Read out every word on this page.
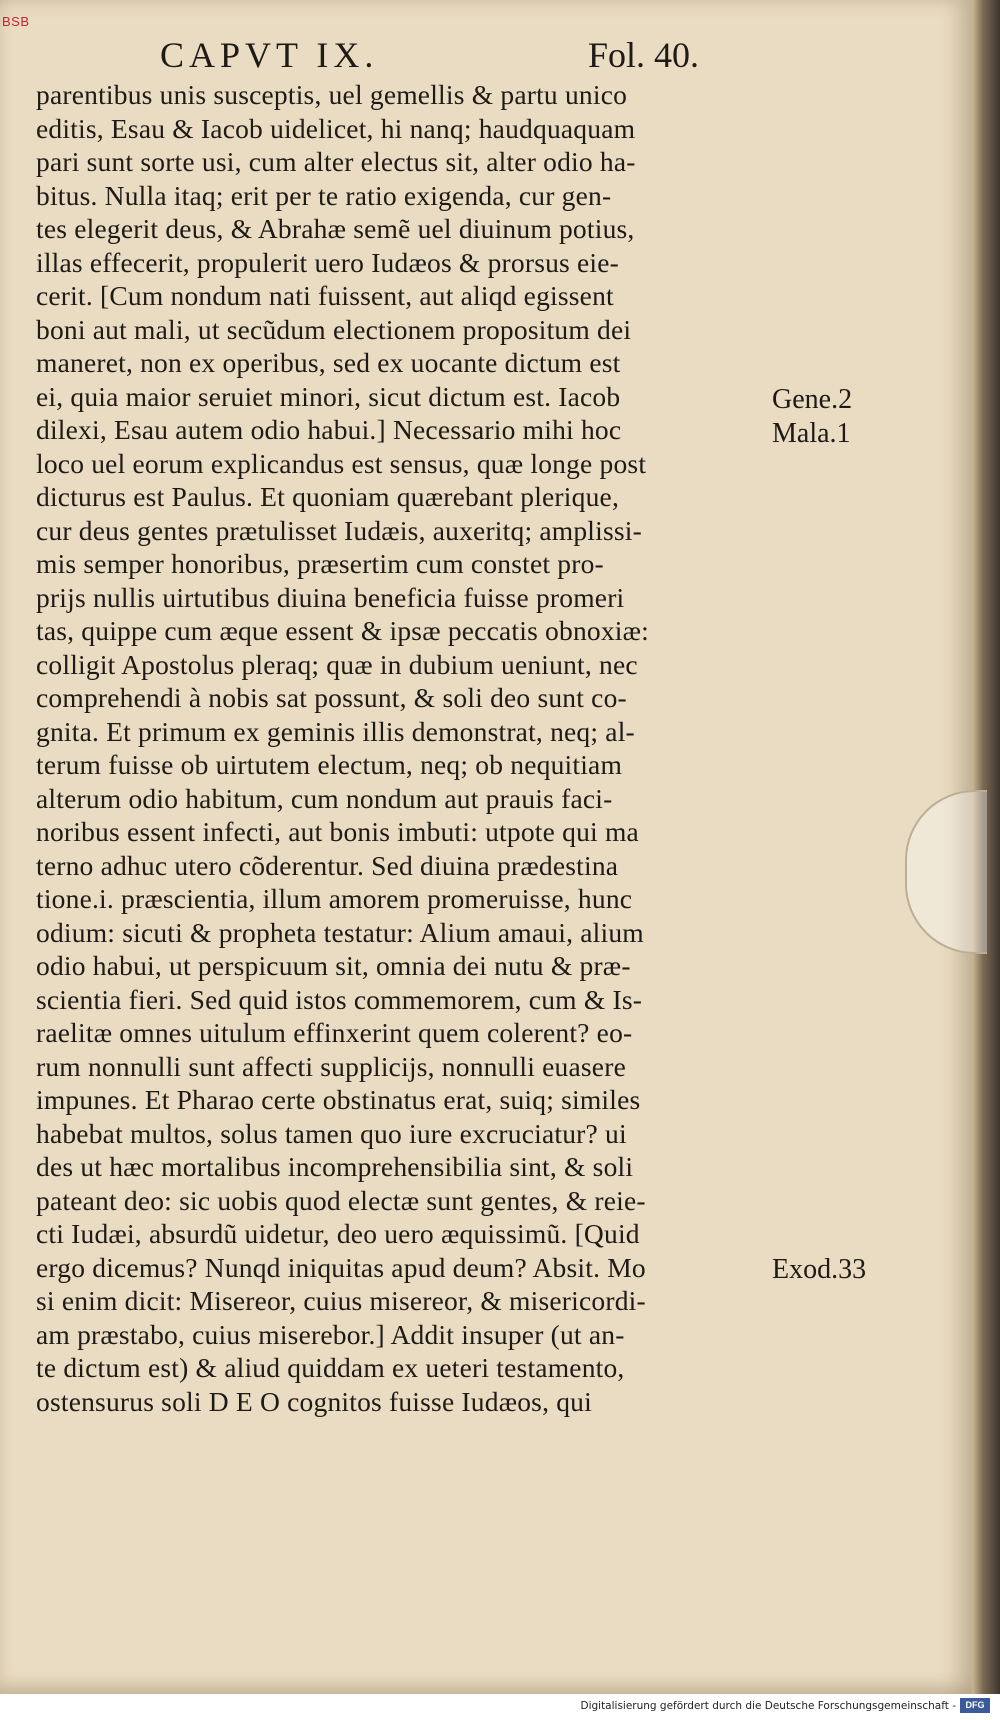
BSB
CAPVT IX.	Fol. 40.
parentibus unis susceptis, uel gemellis & partu unico
editis, Esau & Iacob uidelicet, hi nanq; haudquaquam
pari sunt sorte usi, cum alter electus sit, alter odio ha-
bitus. Nulla itaq; erit per te ratio exigenda, cur gen-
tes elegerit deus, & Abrahæ semẽ uel diuinum potius,
illas effecerit, propulerit uero Iudæos & prorsus eie-
cerit. [Cum nondum nati fuissent, aut aliqd egissent
boni aut mali, ut secũdum electionem propositum dei
maneret, non ex operibus, sed ex uocante dictum est
ei, quia maior seruiet minori, sicut dictum est. Iacob
dilexi, Esau autem odio habui.] Necessario mihi hoc
loco uel eorum explicandus est sensus, quæ longe post
dicturus est Paulus. Et quoniam quærebant plerique,
cur deus gentes prætulisset Iudæis, auxeritq; amplissi-
mis semper honoribus, præsertim cum constet pro-
prijs nullis uirtutibus diuina beneficia fuisse promeri
tas, quippe cum æque essent & ipsæ peccatis obnoxiæ:
colligit Apostolus pleraq; quæ in dubium ueniunt, nec
comprehendi à nobis sat possunt, & soli deo sunt co-
gnita. Et primum ex geminis illis demonstrat, neq; al-
terum fuisse ob uirtutem electum, neq; ob nequitiam
alterum odio habitum, cum nondum aut prauis faci-
noribus essent infecti, aut bonis imbuti: utpote qui ma
terno adhuc utero cõderentur. Sed diuina prædestina
tione.i. præscientia, illum amorem promeruisse, hunc
odium: sicuti & propheta testatur: Alium amaui, alium
odio habui, ut perspicuum sit, omnia dei nutu & præ-
scientia fieri. Sed quid istos commemorem, cum & Is-
raelitæ omnes uitulum effinxerint quem colerent? eo-
rum nonnulli sunt affecti supplicijs, nonnulli euasere
impunes. Et Pharao certe obstinatus erat, suiq; similes
habebat multos, solus tamen quo iure excruciatur? ui
des ut hæc mortalibus incomprehensibilia sint, & soli
pateant deo: sic uobis quod electæ sunt gentes, & reie-
cti Iudæi, absurdũ uidetur, deo uero æquissimũ. [Quid
ergo dicemus? Nunqd iniquitas apud deum? Absit. Mo
si enim dicit: Misereor, cuius misereor, & misericordi-
am præstabo, cuius miserebor.] Addit insuper (ut an-
te dictum est) & aliud quiddam ex ueteri testamento,
ostensurus soli D E O cognitos fuisse Iudæos, qui
Gene.2
Mala.1
Exod.33
Digitalisierung gefördert durch die Deutsche Forschungsgemeinschaft -	DFG
